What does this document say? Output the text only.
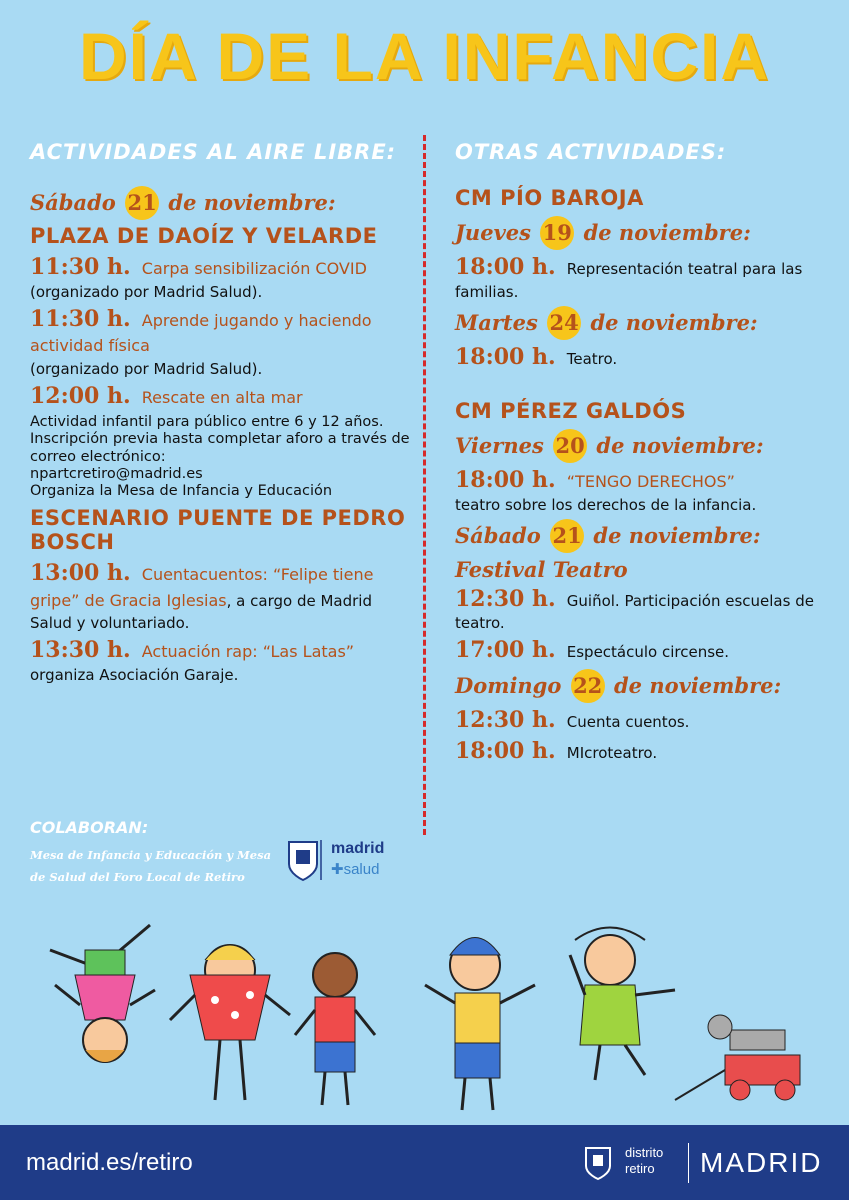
DÍA DE LA INFANCIA
ACTIVIDADES AL AIRE LIBRE:
Sábado 21 de noviembre:
PLAZA DE DAOÍZ Y VELARDE
11:30 h. Carpa sensibilización COVID (organizado por Madrid Salud).
11:30 h. Aprende jugando y haciendo actividad física
(organizado por Madrid Salud).
12:00 h. Rescate en alta mar
Actividad infantil para público entre 6 y 12 años.
Inscripción previa hasta completar aforo a través de correo electrónico:
npartcretiro@madrid.es
Organiza la Mesa de Infancia y Educación
ESCENARIO PUENTE DE PEDRO BOSCH
13:00 h. Cuentacuentos: “Felipe tiene gripe” de Gracia Iglesias, a cargo de Madrid Salud y voluntariado.
13:30 h. Actuación rap: “Las Latas” organiza Asociación Garaje.
OTRAS ACTIVIDADES:
CM PÍO BAROJA
Jueves 19 de noviembre:
18:00 h. Representación teatral para las familias.
Martes 24 de noviembre:
18:00 h. Teatro.
CM PÉREZ GALDÓS
Viernes 20 de noviembre:
18:00 h. “TENGO DERECHOS”
teatro sobre los derechos de la infancia.
Sábado 21 de noviembre:
Festival Teatro
12:30 h. Guiñol. Participación escuelas de teatro.
17:00 h. Espectáculo circense.
Domingo 22 de noviembre:
12:30 h. Cuenta cuentos.
18:00 h. MIcroteatro.
COLABORAN:
Mesa de Infancia y Educación y Mesa de Salud del Foro Local de Retiro
madrid
✚salud
madrid.es/retiro	distrito
retiro	MADRID
